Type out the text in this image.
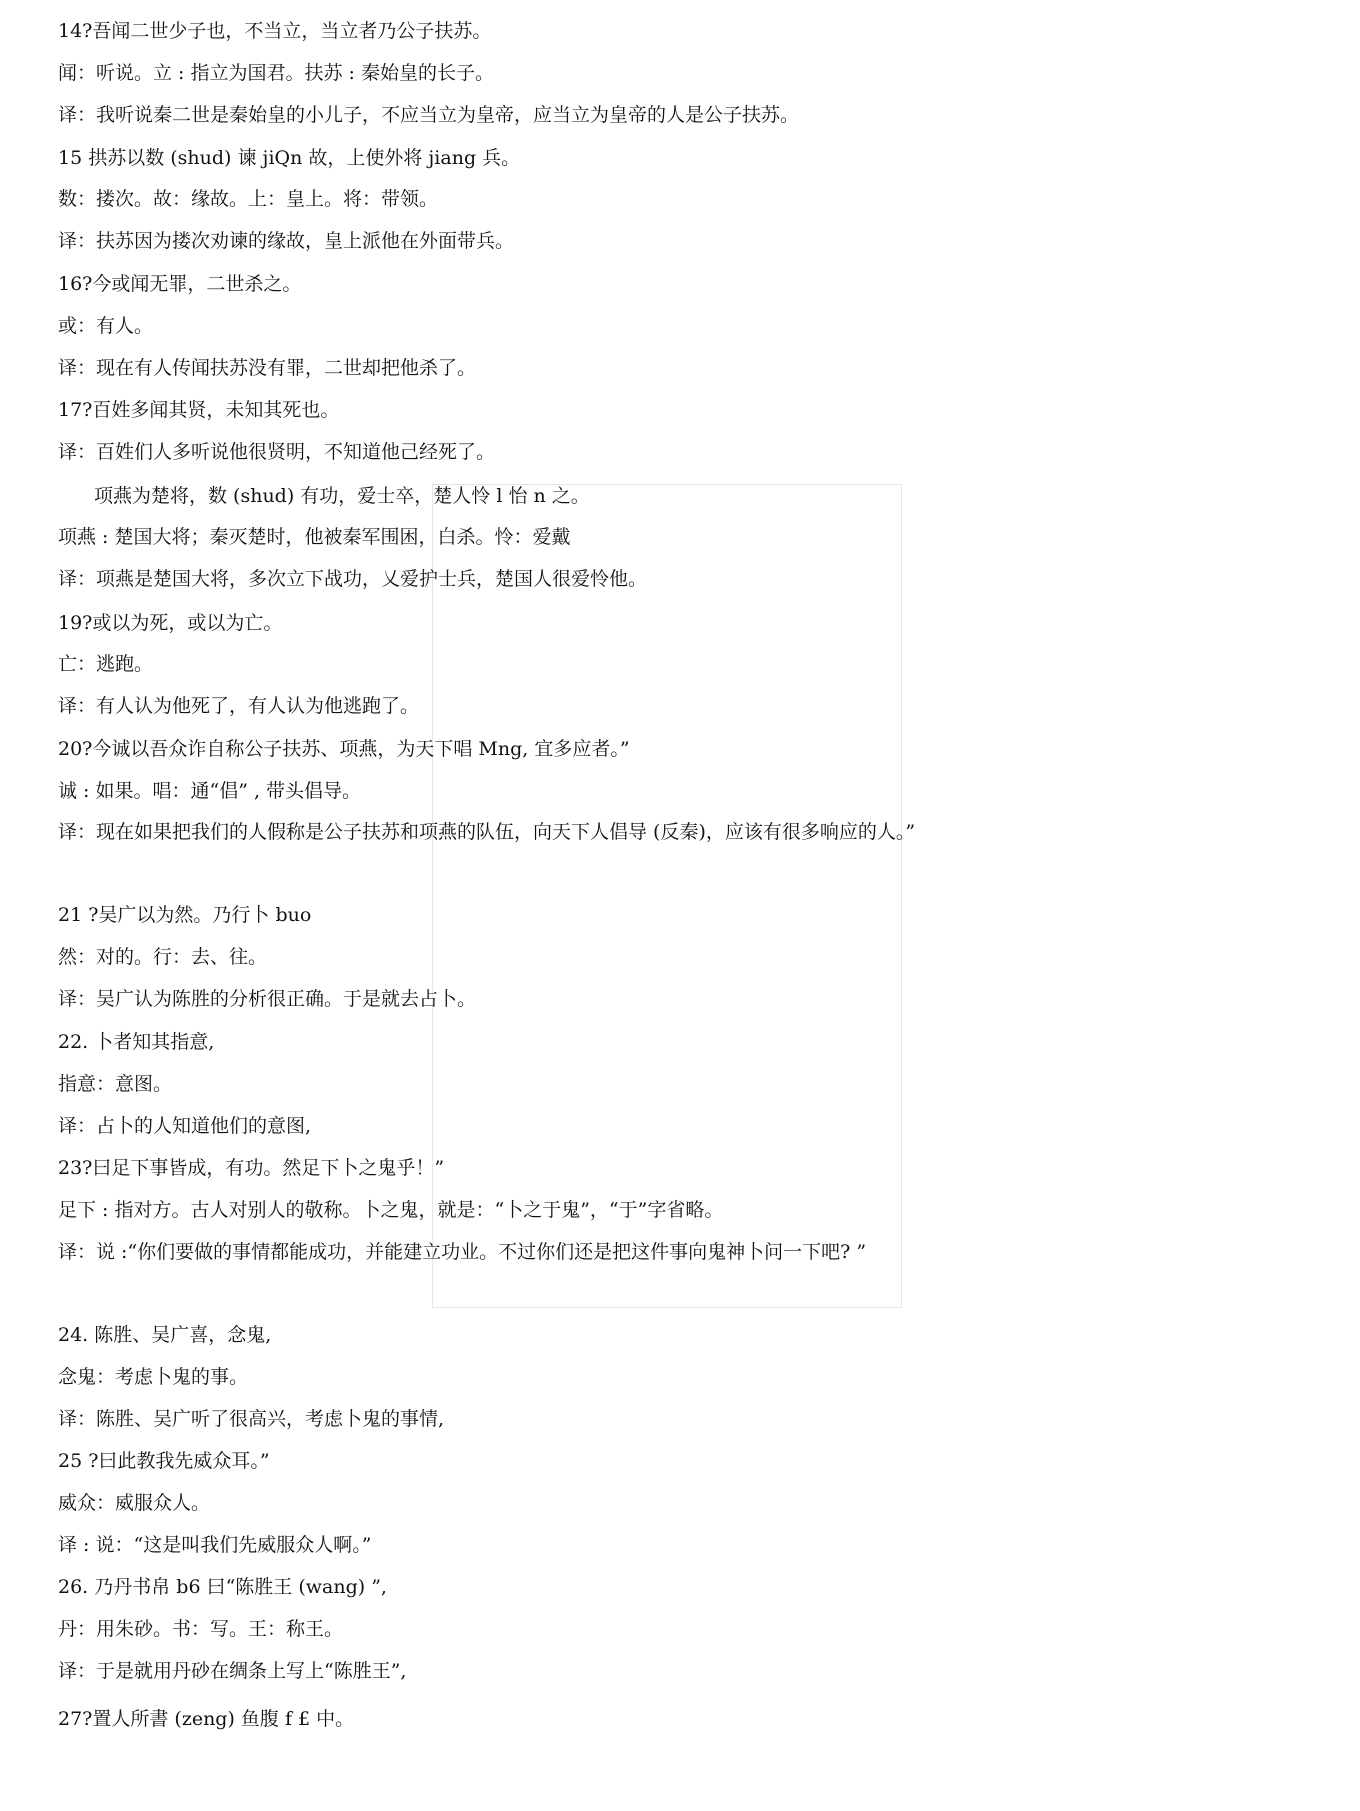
14?吾闻二世少子也，不当立，当立者乃公子扶苏。

闻：听说。立 : 指立为国君。扶苏 : 秦始皇的长子。

译：我听说秦二世是秦始皇的小儿子，不应当立为皇帝，应当立为皇帝的人是公子扶苏。

15 拱苏以数 (shud) 谏 jiQn 故，上使外将 jiang 兵。

数：搂次。故：缘故。上：皇上。将：带领。

译：扶苏因为搂次劝谏的缘故，皇上派他在外面带兵。

16?今或闻无罪，二世杀之。

或：有人。

译：现在有人传闻扶苏没有罪，二世却把他杀了。

17?百姓多闻其贤，未知其死也。

译：百姓们人多听说他很贤明，不知道他己经死了。

项燕为楚将，数 (shud) 有功，爱士卒，楚人怜 l 怡 n 之。

项燕 : 楚国大将；秦灭楚时，他被秦军围困，白杀。怜：爱戴

译：项燕是楚国大将，多次立下战功，乂爱护士兵，楚国人很爱怜他。

19?或以为死，或以为亡。

亡：逃跑。

译：有人认为他死了，有人认为他逃跑了。

20?今诚以吾众诈自称公子扶苏、项燕，为天下唱 Mng, 宜多应者。”

诚 : 如果。唱：通“倡” , 带头倡导。

译：现在如果把我们的人假称是公子扶苏和项燕的队伍，向天下人倡导 (反秦)，应该有很多响应的人。”

21 ?吴广以为然。乃行卜 buo

然：对的。行：去、往。

译：吴广认为陈胜的分析很正确。于是就去占卜。

22. 卜者知其指意,

指意：意图。

译：占卜的人知道他们的意图,

23?曰足下事皆成，有功。然足下卜之鬼乎！”

足下 : 指对方。古人对别人的敬称。卜之鬼，就是：“卜之于鬼”，“于”字省略。

译：说 :“你们要做的事情都能成功，并能建立功业。不过你们还是把这件事向鬼神卜问一下吧? ”

24. 陈胜、吴广喜，念鬼,

念鬼：考虑卜鬼的事。

译：陈胜、吴广听了很高兴，考虑卜鬼的事情,

25 ?曰此教我先威众耳。”

威众：威服众人。

译 : 说：“这是叫我们先威服众人啊。”

26. 乃丹书帛 b6 曰“陈胜王 (wang) ”,

丹：用朱砂。书：写。王：称王。

译：于是就用丹砂在绸条上写上“陈胜王”,

27?置人所書 (zeng) 鱼腹 f £ 中。
